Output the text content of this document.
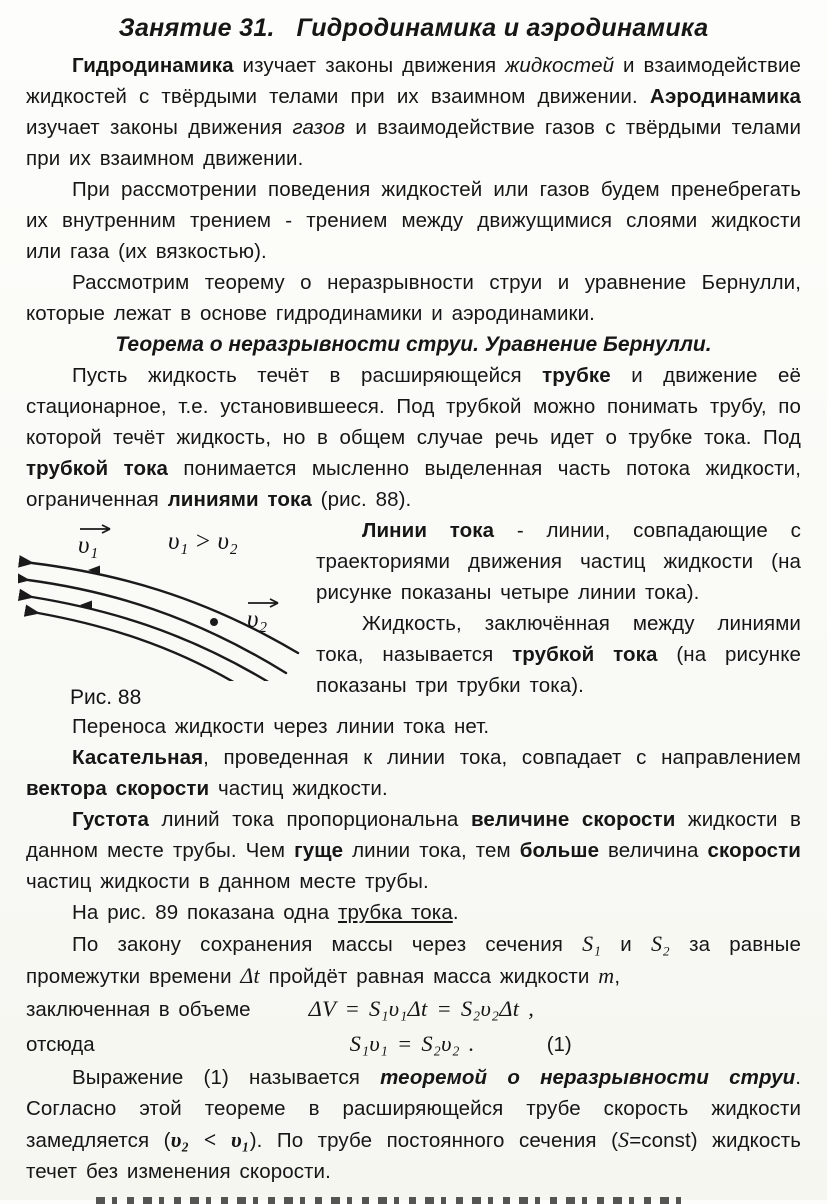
Занятие 31.   Гидродинамика и аэродинамика

Гидродинамика изучает законы движения жидкостей и взаимодействие жидкостей с твёрдыми телами при их взаимном движении. Аэродинамика изучает законы движения газов и взаимодействие газов с твёрдыми телами при их взаимном движении.

При рассмотрении поведения жидкостей или газов будем пренебрегать их внутренним трением - трением между движущимися слоями жидкости или газа (их вязкостью).

Рассмотрим теорему о неразрывности струи и уравнение Бернулли, которые лежат в основе гидродинамики и аэродинамики.

Теорема о неразрывности струи. Уравнение Бернулли.

Пусть жидкость течёт в расширяющейся трубке и движение её стационарное, т.е. установившееся. Под трубкой можно понимать трубу, по которой течёт жидкость, но в общем случае речь идет о трубке тока. Под трубкой тока понимается мысленно выделенная часть потока жидкости, ограниченная линиями тока (рис. 88).

υ₁	υ₁ > υ₂
υ₂
Рис. 88

Линии тока - линии, совпадающие с траекториями движения частиц жидкости (на рисунке показаны четыре линии тока).

Жидкость, заключённая между линиями тока, называется трубкой тока (на рисунке показаны три трубки тока).

Переноса жидкости через линии тока нет.

Касательная, проведенная к линии тока, совпадает с направлением вектора скорости частиц жидкости.

Густота линий тока пропорциональна величине скорости жидкости в данном месте трубы. Чем гуще линии тока, тем больше величина скорости частиц жидкости в данном месте трубы.

На рис. 89 показана одна трубка тока.

По закону сохранения массы через сечения S₁ и S₂ за равные промежутки времени Δt пройдёт равная масса жидкости m,

заключенная в объеме	ΔV = S₁υ₁Δt = S₂υ₂Δt ,
отсюда	S₁υ₁ = S₂υ₂ .	(1)

Выражение (1) называется теоремой о неразрывности струи. Согласно этой теореме в расширяющейся трубе скорость жидкости замедляется (υ₂ < υ₁). По трубе постоянного сечения (S=const) жидкость течет без изменения скорости.
